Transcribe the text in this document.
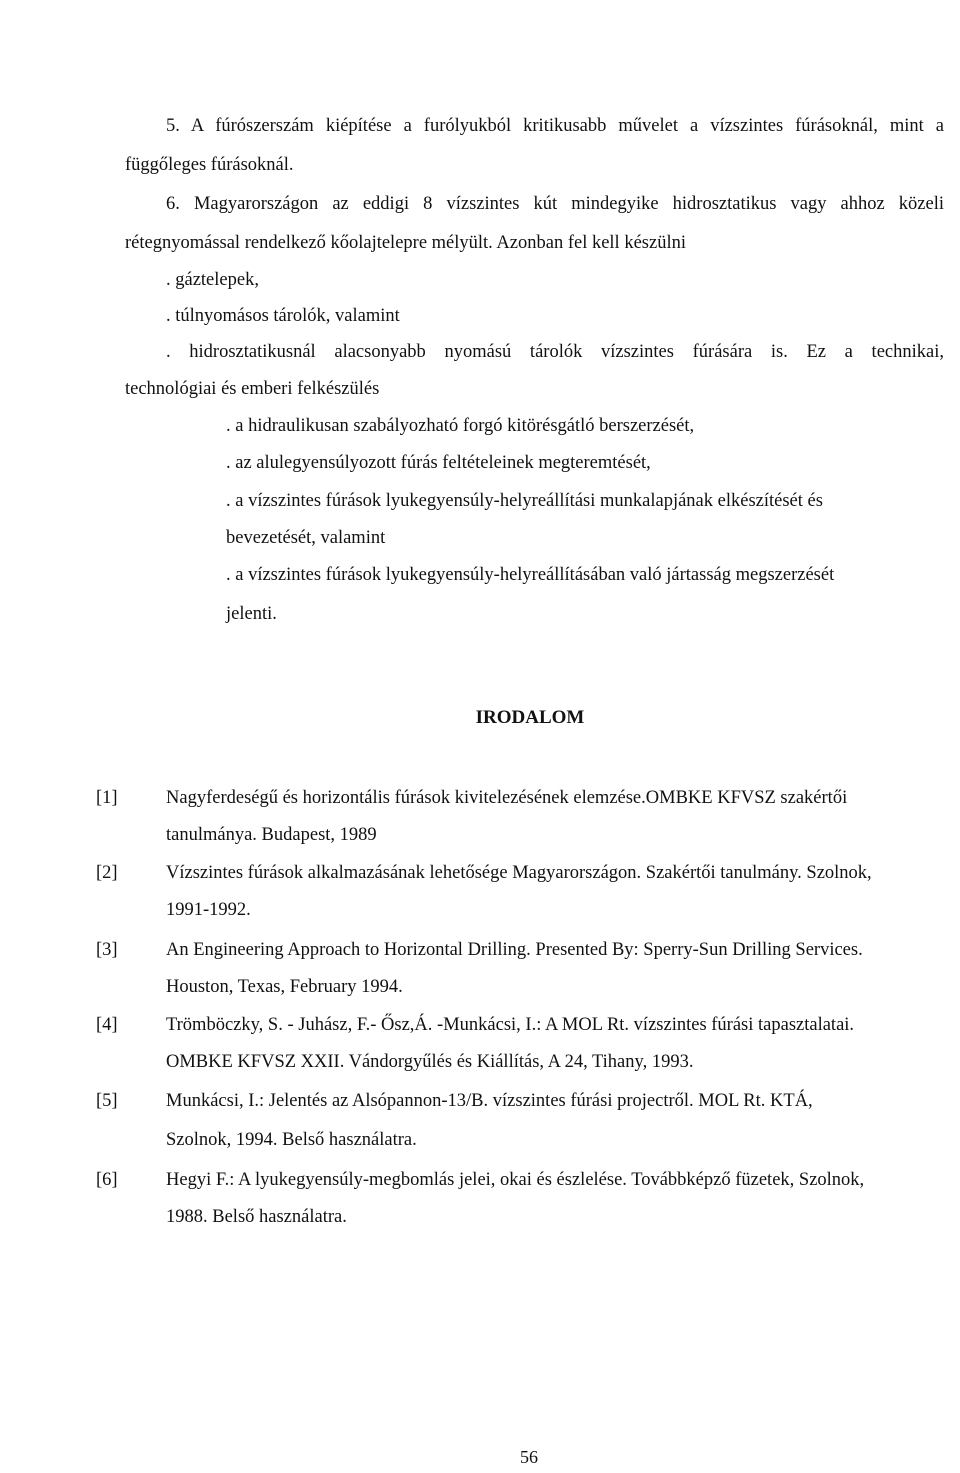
5. A fúrószerszám kiépítése a furólyukból kritikusabb művelet a vízszintes fúrásoknál, mint a
függőleges fúrásoknál.
6. Magyarországon az eddigi 8 vízszintes kút mindegyike hidrosztatikus vagy ahhoz közeli
rétegnyomással rendelkező kőolajtelepre mélyült. Azonban fel kell készülni
. gáztelepek,
. túlnyomásos tárolók, valamint
. hidrosztatikusnál alacsonyabb nyomású tárolók vízszintes fúrására is. Ez a technikai,
technológiai és emberi felkészülés
. a hidraulikusan szabályozható forgó kitörésgátló berszerzését,
. az alulegyensúlyozott fúrás feltételeinek megteremtését,
. a vízszintes fúrások lyukegyensúly-helyreállítási munkalapjának elkészítését és
bevezetését, valamint
. a vízszintes fúrások lyukegyensúly-helyreállításában való jártasság megszerzését
jelenti.
IRODALOM
[1]	Nagyferdeségű és horizontális fúrások kivitelezésének elemzése.OMBKE KFVSZ szakértői
tanulmánya. Budapest, 1989
[2]	Vízszintes fúrások alkalmazásának lehetősége Magyarországon. Szakértői tanulmány. Szolnok,
1991-1992.
[3]	An Engineering Approach to Horizontal Drilling. Presented By: Sperry-Sun Drilling Services.
Houston, Texas, February 1994.
[4]	Trömböczky, S. - Juhász, F.- Ősz,Á. -Munkácsi, I.: A MOL Rt. vízszintes fúrási tapasztalatai.
OMBKE KFVSZ XXII. Vándorgyűlés és Kiállítás, A 24, Tihany, 1993.
[5]	Munkácsi, I.: Jelentés az Alsópannon-13/B. vízszintes fúrási projectről. MOL Rt. KTÁ,
Szolnok, 1994. Belső használatra.
[6]	Hegyi F.: A lyukegyensúly-megbomlás jelei, okai és észlelése. Továbbképző füzetek, Szolnok,
1988. Belső használatra.
56
